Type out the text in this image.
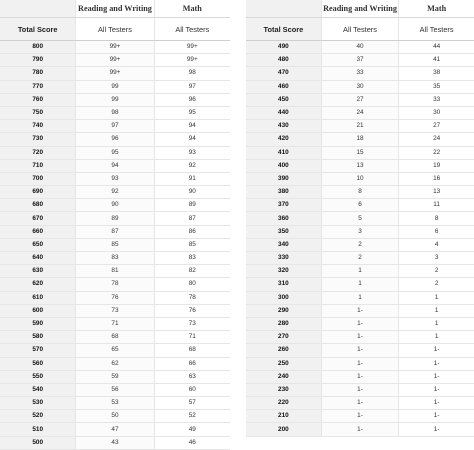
	Reading and Writing	Math
Total Score	All Testers	All Testers
800	99+	99+
790	99+	99+
780	99+	98
770	99	97
760	99	96
750	98	95
740	97	94
730	96	94
720	95	93
710	94	92
700	93	91
690	92	90
680	90	89
670	89	87
660	87	86
650	85	85
640	83	83
630	81	82
620	78	80
610	76	78
600	73	76
590	71	73
580	68	71
570	65	68
560	62	66
550	59	63
540	56	60
530	53	57
520	50	52
510	47	49
500	43	46
	Reading and Writing	Math
Total Score	All Testers	All Testers
490	40	44
480	37	41
470	33	38
460	30	35
450	27	33
440	24	30
430	21	27
420	18	24
410	15	22
400	13	19
390	10	16
380	8	13
370	6	11
360	5	8
350	3	6
340	2	4
330	2	3
320	1	2
310	1	2
300	1	1
290	1-	1
280	1-	1
270	1-	1
260	1-	1-
250	1-	1-
240	1-	1-
230	1-	1-
220	1-	1-
210	1-	1-
200	1-	1-
